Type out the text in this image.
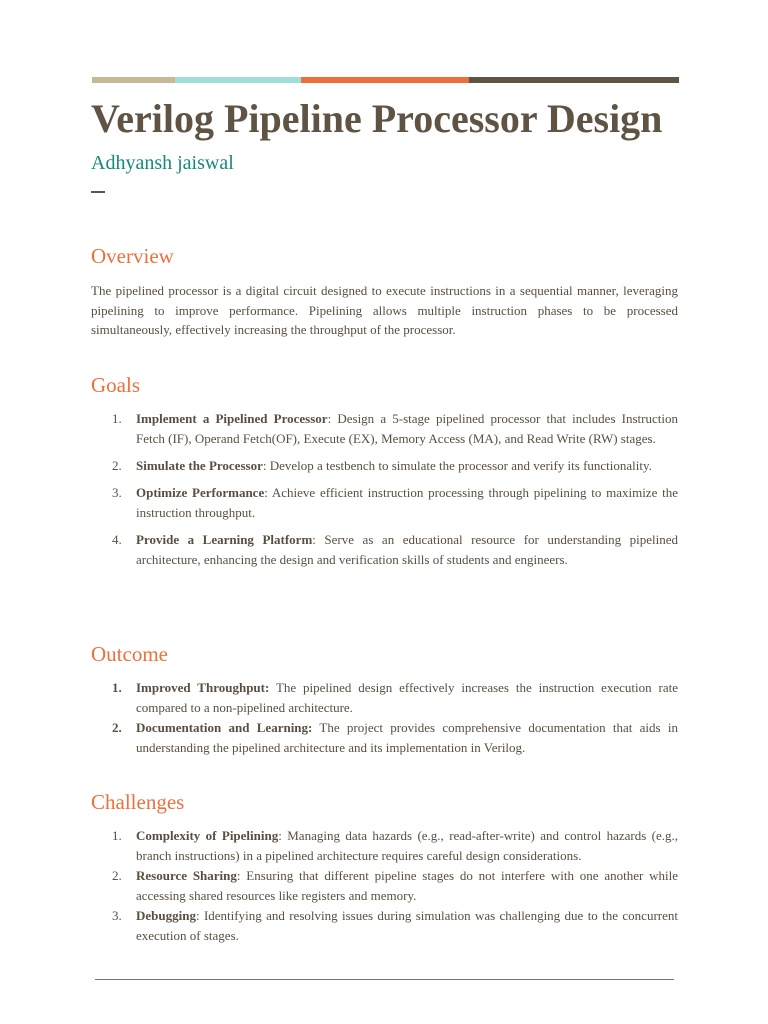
Verilog Pipeline Processor Design

Adhyansh jaiswal

Overview

The pipelined processor is a digital circuit designed to execute instructions in a sequential manner, leveraging pipelining to improve performance. Pipelining allows multiple instruction phases to be processed simultaneously, effectively increasing the throughput of the processor.

Goals
1. Implement a Pipelined Processor: Design a 5-stage pipelined processor that includes Instruction Fetch (IF), Operand Fetch(OF), Execute (EX), Memory Access (MA), and Read Write (RW) stages.
2. Simulate the Processor: Develop a testbench to simulate the processor and verify its functionality.
3. Optimize Performance: Achieve efficient instruction processing through pipelining to maximize the instruction throughput.
4. Provide a Learning Platform: Serve as an educational resource for understanding pipelined architecture, enhancing the design and verification skills of students and engineers.
Outcome
1. Improved Throughput: The pipelined design effectively increases the instruction execution rate compared to a non-pipelined architecture.
2. Documentation and Learning: The project provides comprehensive documentation that aids in understanding the pipelined architecture and its implementation in Verilog.
Challenges
1. Complexity of Pipelining: Managing data hazards (e.g., read-after-write) and control hazards (e.g., branch instructions) in a pipelined architecture requires careful design considerations.
2. Resource Sharing: Ensuring that different pipeline stages do not interfere with one another while accessing shared resources like registers and memory.
3. Debugging: Identifying and resolving issues during simulation was challenging due to the concurrent execution of stages.
